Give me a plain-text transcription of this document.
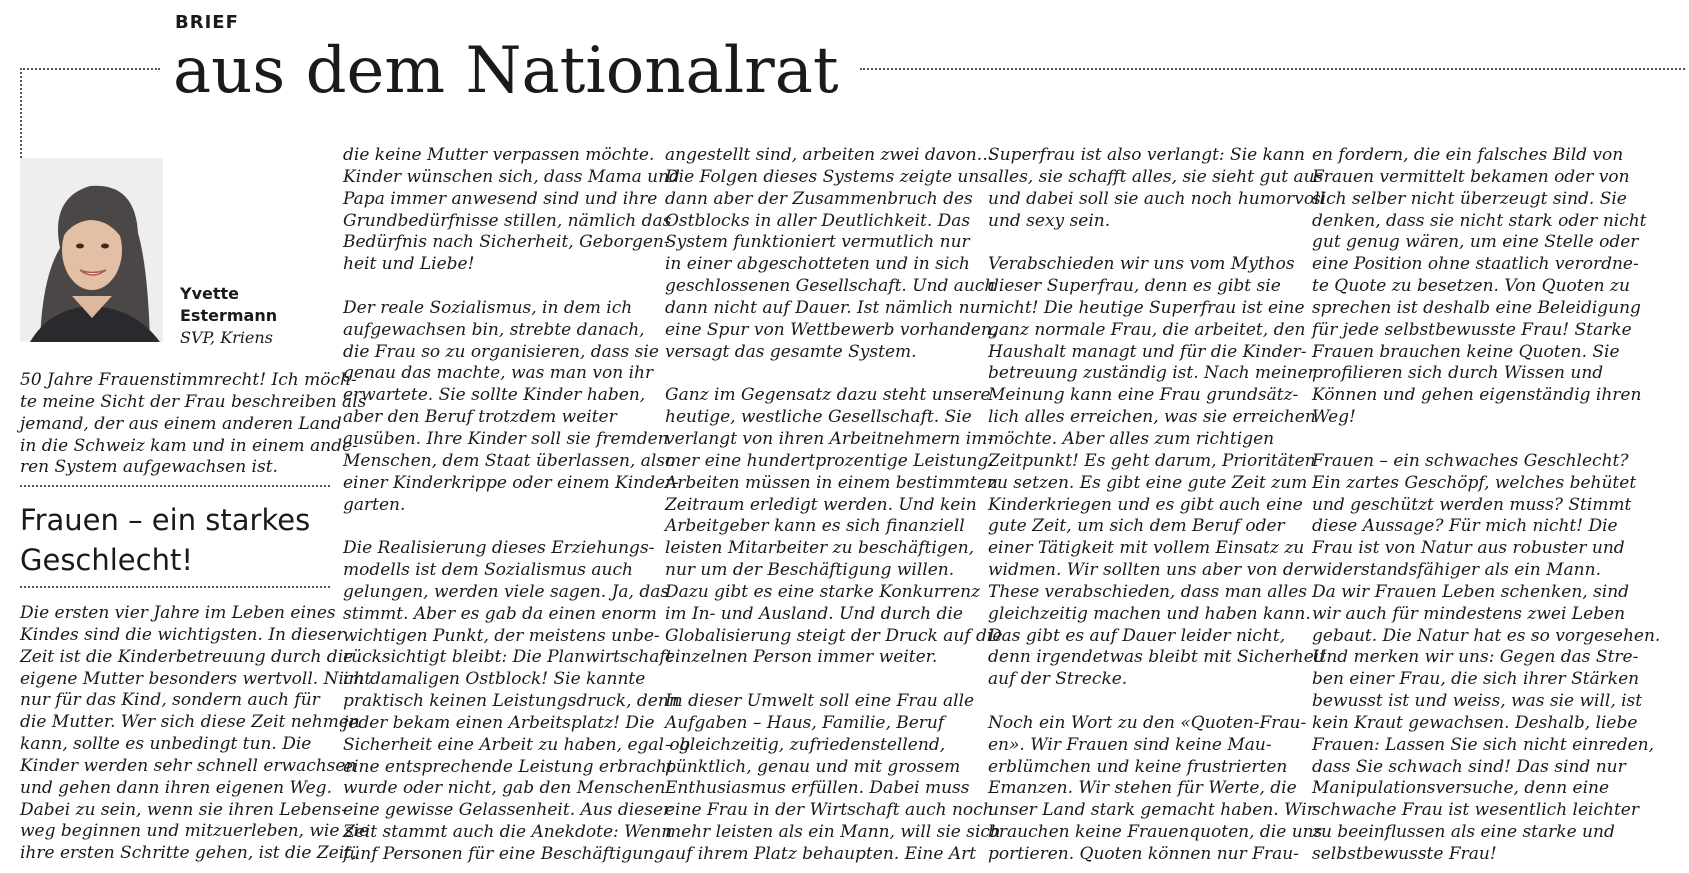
BRIEF
aus dem Nationalrat
Yvette
Estermann
SVP, Kriens
50 Jahre Frauenstimmrecht! Ich möch-
te meine Sicht der Frau beschreiben als
jemand, der aus einem anderen Land
in die Schweiz kam und in einem ande-
ren System aufgewachsen ist.
Frauen – ein starkes
Geschlecht!
Die ersten vier Jahre im Leben eines
Kindes sind die wichtigsten. In dieser
Zeit ist die Kinderbetreuung durch die
eigene Mutter besonders wertvoll. Nicht
nur für das Kind, sondern auch für
die Mutter. Wer sich diese Zeit nehmen
kann, sollte es unbedingt tun. Die
Kinder werden sehr schnell erwachsen
und gehen dann ihren eigenen Weg.
Dabei zu sein, wenn sie ihren Lebens-
weg beginnen und mitzuerleben, wie sie
ihre ersten Schritte gehen, ist die Zeit,
die keine Mutter verpassen möchte.
Kinder wünschen sich, dass Mama und
Papa immer anwesend sind und ihre
Grundbedürfnisse stillen, nämlich das
Bedürfnis nach Sicherheit, Geborgen-
heit und Liebe!
Der reale Sozialismus, in dem ich
aufgewachsen bin, strebte danach,
die Frau so zu organisieren, dass sie
genau das machte, was man von ihr
erwartete. Sie sollte Kinder haben,
aber den Beruf trotzdem weiter
ausüben. Ihre Kinder soll sie fremden
Menschen, dem Staat überlassen, also
einer Kinderkrippe oder einem Kinder-
garten.
Die Realisierung dieses Erziehungs-
modells ist dem Sozialismus auch
gelungen, werden viele sagen. Ja, das
stimmt. Aber es gab da einen enorm
wichtigen Punkt, der meistens unbe-
rücksichtigt bleibt: Die Planwirtschaft
im damaligen Ostblock! Sie kannte
praktisch keinen Leistungsdruck, denn
jeder bekam einen Arbeitsplatz! Die
Sicherheit eine Arbeit zu haben, egal ob
eine entsprechende Leistung erbracht
wurde oder nicht, gab den Menschen
eine gewisse Gelassenheit. Aus dieser
Zeit stammt auch die Anekdote: Wenn
fünf Personen für eine Beschäftigung
angestellt sind, arbeiten zwei davon…
Die Folgen dieses Systems zeigte uns
dann aber der Zusammenbruch des
Ostblocks in aller Deutlichkeit. Das
System funktioniert vermutlich nur
in einer abgeschotteten und in sich
geschlossenen Gesellschaft. Und auch
dann nicht auf Dauer. Ist nämlich nur
eine Spur von Wettbewerb vorhanden,
versagt das gesamte System.
Ganz im Gegensatz dazu steht unsere
heutige, westliche Gesellschaft. Sie
verlangt von ihren Arbeitnehmern im-
mer eine hundertprozentige Leistung.
Arbeiten müssen in einem bestimmten
Zeitraum erledigt werden. Und kein
Arbeitgeber kann es sich finanziell
leisten Mitarbeiter zu beschäftigen,
nur um der Beschäftigung willen.
Dazu gibt es eine starke Konkurrenz
im In- und Ausland. Und durch die
Globalisierung steigt der Druck auf die
einzelnen Person immer weiter.
In dieser Umwelt soll eine Frau alle
Aufgaben – Haus, Familie, Beruf
– gleichzeitig, zufriedenstellend,
pünktlich, genau und mit grossem
Enthusiasmus erfüllen. Dabei muss
eine Frau in der Wirtschaft auch noch
mehr leisten als ein Mann, will sie sich
auf ihrem Platz behaupten. Eine Art
Superfrau ist also verlangt: Sie kann
alles, sie schafft alles, sie sieht gut aus
und dabei soll sie auch noch humorvoll
und sexy sein.
Verabschieden wir uns vom Mythos
dieser Superfrau, denn es gibt sie
nicht! Die heutige Superfrau ist eine
ganz normale Frau, die arbeitet, den
Haushalt managt und für die Kinder-
betreuung zuständig ist. Nach meiner
Meinung kann eine Frau grundsätz-
lich alles erreichen, was sie erreichen
möchte. Aber alles zum richtigen
Zeitpunkt! Es geht darum, Prioritäten
zu setzen. Es gibt eine gute Zeit zum
Kinderkriegen und es gibt auch eine
gute Zeit, um sich dem Beruf oder
einer Tätigkeit mit vollem Einsatz zu
widmen. Wir sollten uns aber von der
These verabschieden, dass man alles
gleichzeitig machen und haben kann.
Das gibt es auf Dauer leider nicht,
denn irgendetwas bleibt mit Sicherheit
auf der Strecke.
Noch ein Wort zu den «Quoten-Frau-
en». Wir Frauen sind keine Mau-
erblümchen und keine frustrierten
Emanzen. Wir stehen für Werte, die
unser Land stark gemacht haben. Wir
brauchen keine Frauenquoten, die uns
portieren. Quoten können nur Frau-
en fordern, die ein falsches Bild von
Frauen vermittelt bekamen oder von
sich selber nicht überzeugt sind. Sie
denken, dass sie nicht stark oder nicht
gut genug wären, um eine Stelle oder
eine Position ohne staatlich verordne-
te Quote zu besetzen. Von Quoten zu
sprechen ist deshalb eine Beleidigung
für jede selbstbewusste Frau! Starke
Frauen brauchen keine Quoten. Sie
profilieren sich durch Wissen und
Können und gehen eigenständig ihren
Weg!
Frauen – ein schwaches Geschlecht?
Ein zartes Geschöpf, welches behütet
und geschützt werden muss? Stimmt
diese Aussage? Für mich nicht! Die
Frau ist von Natur aus robuster und
widerstandsfähiger als ein Mann.
Da wir Frauen Leben schenken, sind
wir auch für mindestens zwei Leben
gebaut. Die Natur hat es so vorgesehen.
Und merken wir uns: Gegen das Stre-
ben einer Frau, die sich ihrer Stärken
bewusst ist und weiss, was sie will, ist
kein Kraut gewachsen. Deshalb, liebe
Frauen: Lassen Sie sich nicht einreden,
dass Sie schwach sind! Das sind nur
Manipulationsversuche, denn eine
schwache Frau ist wesentlich leichter
zu beeinflussen als eine starke und
selbstbewusste Frau!
